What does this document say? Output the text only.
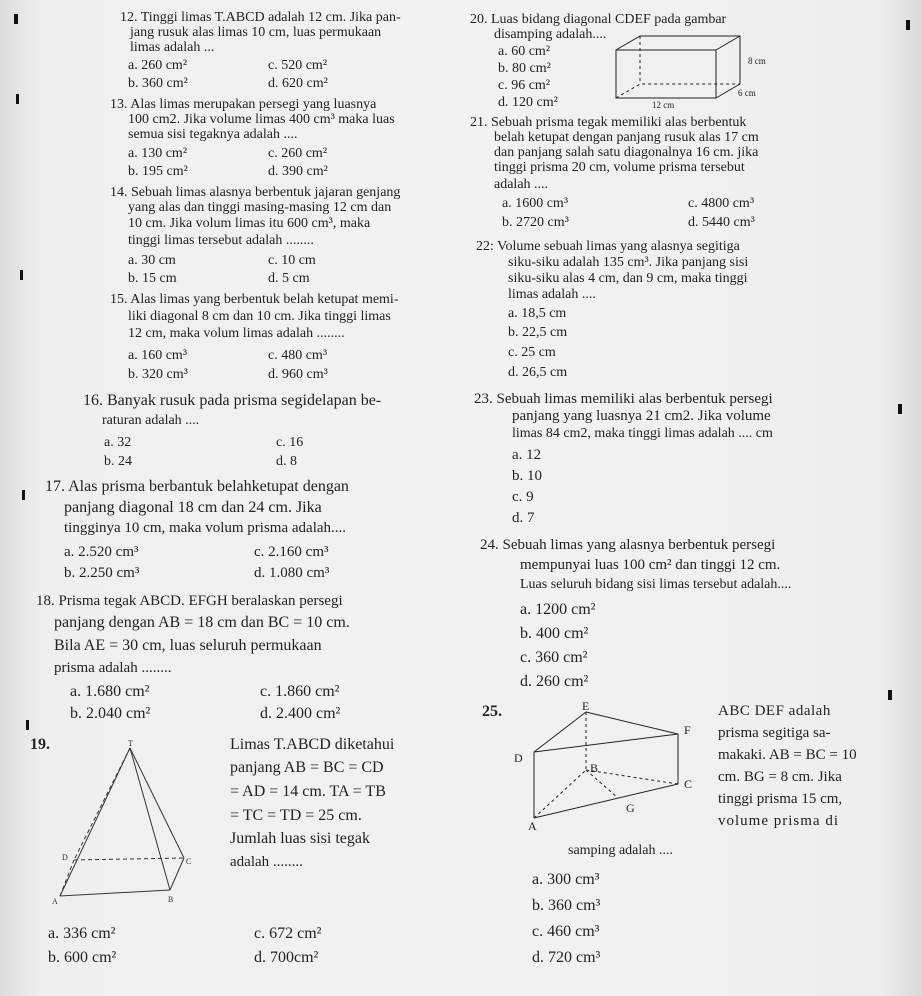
12. Tinggi limas T.ABCD adalah 12 cm. Jika pan-
jang rusuk alas limas 10 cm, luas permukaan
limas adalah ...
a. 260 cm²
b. 360 cm²
c. 520 cm²
d. 620 cm²
13. Alas limas merupakan persegi yang luasnya
100 cm2. Jika volume limas 400 cm³ maka luas
semua sisi tegaknya adalah ....
a. 130 cm²
b. 195 cm²
c. 260 cm²
d. 390 cm²
14. Sebuah limas alasnya berbentuk jajaran genjang
yang alas dan tinggi masing-masing 12 cm dan
10 cm. Jika volum limas itu 600 cm³, maka
tinggi limas tersebut adalah ........
a. 30 cm
b. 15 cm
c. 10 cm
d. 5 cm
15. Alas limas yang berbentuk belah ketupat memi-
liki diagonal 8 cm dan 10 cm. Jika tinggi limas
12 cm, maka volum limas adalah ........
a. 160 cm³
b. 320 cm³
c. 480 cm³
d. 960 cm³
16. Banyak rusuk pada prisma segidelapan be-
raturan adalah ....
a. 32
b. 24
c. 16
d. 8
17. Alas prisma berbantuk belahketupat dengan
panjang diagonal 18 cm dan 24 cm. Jika
tingginya 10 cm, maka volum prisma adalah....
a. 2.520 cm³
b. 2.250 cm³
c. 2.160 cm³
d. 1.080 cm³
18. Prisma tegak ABCD. EFGH beralaskan persegi
panjang dengan AB = 18 cm dan BC = 10 cm.
Bila AE = 30 cm, luas seluruh permukaan
prisma adalah ........
a. 1.680 cm²
b. 2.040 cm²
c. 1.860 cm²
d. 2.400 cm²
19.	T
D	C
A	B
Limas T.ABCD diketahui
panjang AB = BC = CD
= AD = 14 cm. TA = TB
= TC = TD = 25 cm.
Jumlah luas sisi tegak
adalah ........
a. 336 cm²
b. 600 cm²
c. 672 cm²
d. 700cm²
20. Luas bidang diagonal CDEF pada gambar
disamping adalah....
a. 60 cm²
b. 80 cm²
c. 96 cm²
d. 120 cm²
8 cm
6 cm
12 cm
21. Sebuah prisma tegak memiliki alas berbentuk
belah ketupat dengan panjang rusuk alas 17 cm
dan panjang salah satu diagonalnya 16 cm. jika
tinggi prisma 20 cm, volume prisma tersebut
adalah ....
a. 1600 cm³
b. 2720 cm³
c. 4800 cm³
d. 5440 cm³
22: Volume sebuah limas yang alasnya segitiga
siku-siku adalah 135 cm³. Jika panjang sisi
siku-siku alas 4 cm, dan 9 cm, maka tinggi
limas adalah ....
a. 18,5 cm
b. 22,5 cm
c. 25 cm
d. 26,5 cm
23. Sebuah limas memiliki alas berbentuk persegi
panjang yang luasnya 21 cm2. Jika volume
limas 84 cm2, maka tinggi limas adalah .... cm
a. 12
b. 10
c. 9
d. 7
24. Sebuah limas yang alasnya berbentuk persegi
mempunyai luas 100 cm² dan tinggi 12 cm.
Luas seluruh bidang sisi limas tersebut adalah....
a. 1200 cm²
b. 400 cm²
c. 360 cm²
d. 260 cm²
25.	E
F
D
B
C
G
A
ABC DEF adalah
prisma segitiga sa-
makaki. AB = BC = 10
cm. BG = 8 cm. Jika
tinggi prisma 15 cm,
volume prisma di
samping adalah ....
a. 300 cm³
b. 360 cm³
c. 460 cm³
d. 720 cm³
